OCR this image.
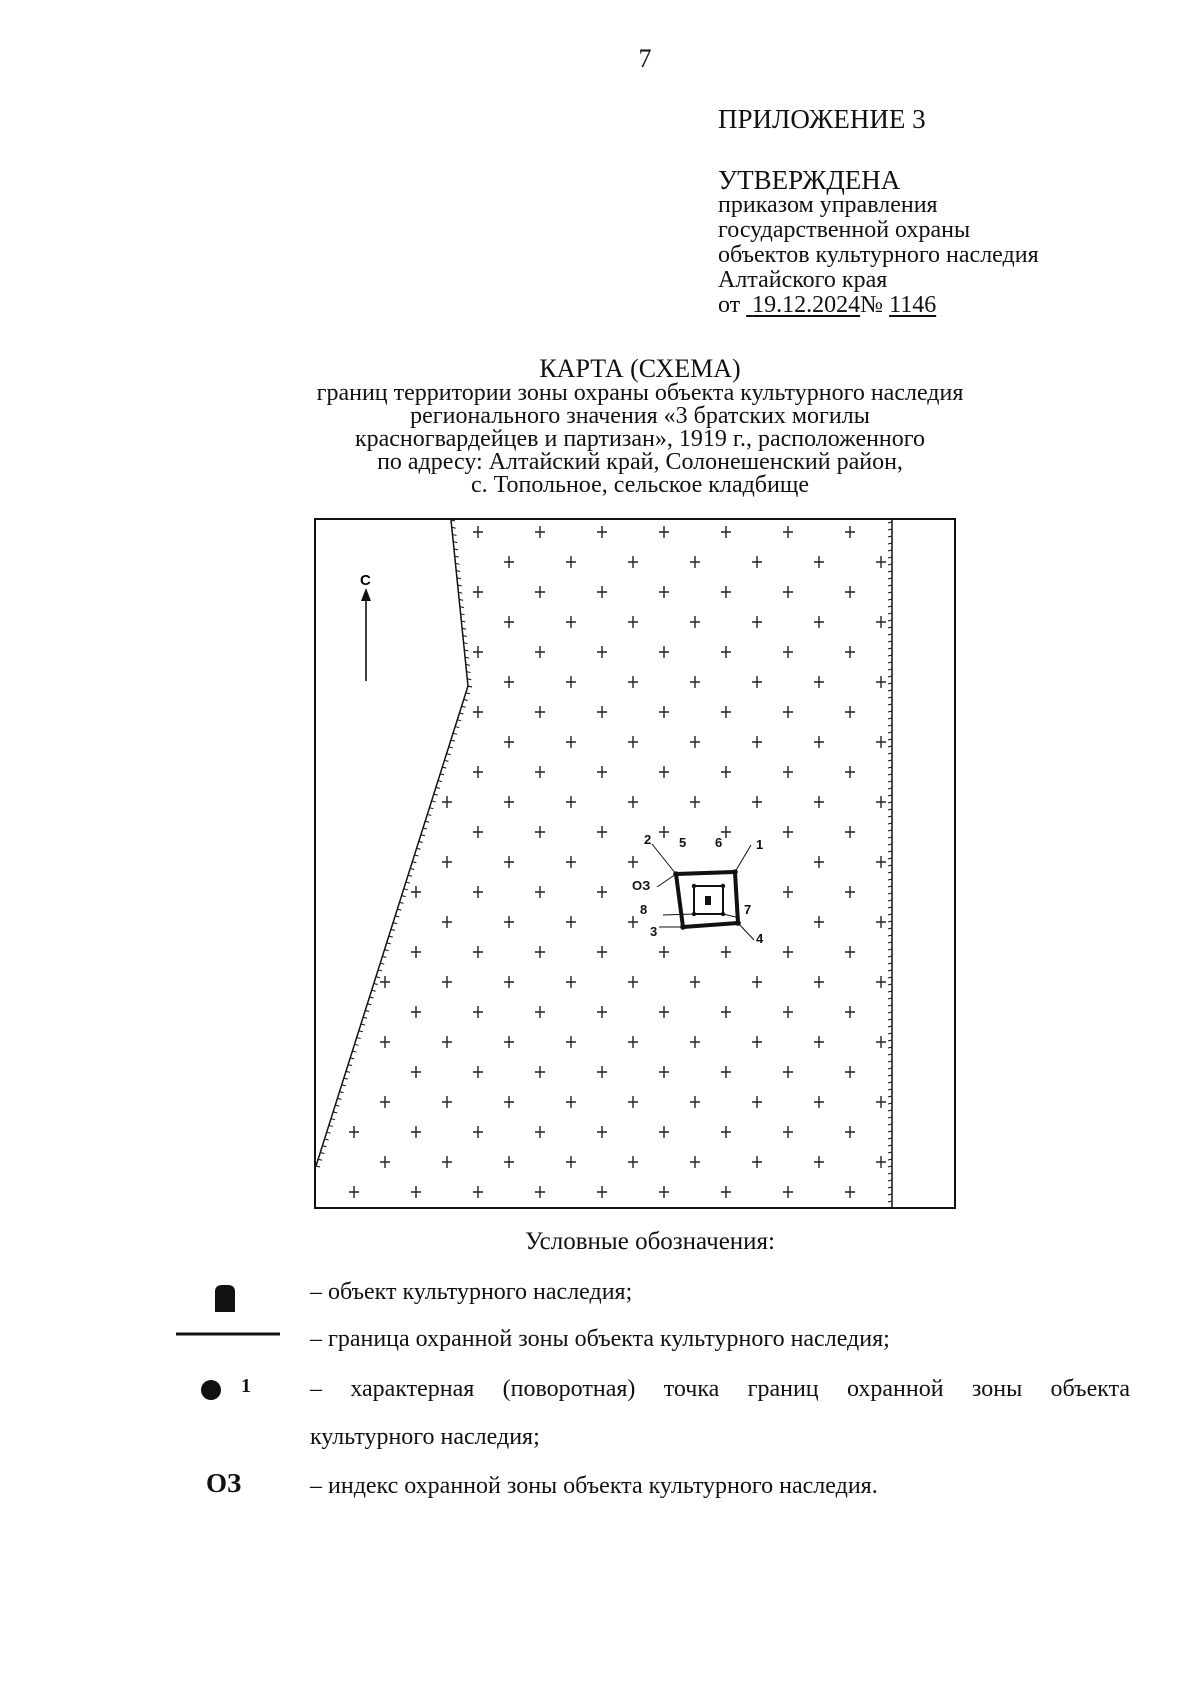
7
ПРИЛОЖЕНИЕ 3
УТВЕРЖДЕНА
приказом управления
государственной охраны
объектов культурного наследия
Алтайского края
от 19.12.2024№ 1146
КАРТА (СХЕМА)
границ территории зоны охраны объекта культурного наследия
регионального значения «3 братских могилы
красногвардейцев и партизан», 1919 г., расположенного
по адресу: Алтайский край, Солонешенский район,
с. Топольное, сельское кладбище
С
1
2
3	4
5 6
7
8
ОЗ
Условные обозначения:
– объект культурного наследия;
– граница охранной зоны объекта культурного наследия;
1 – характерная (поворотная) точка границ охранной зоны объекта
культурного наследия;
ОЗ	– индекс охранной зоны объекта культурного наследия.
